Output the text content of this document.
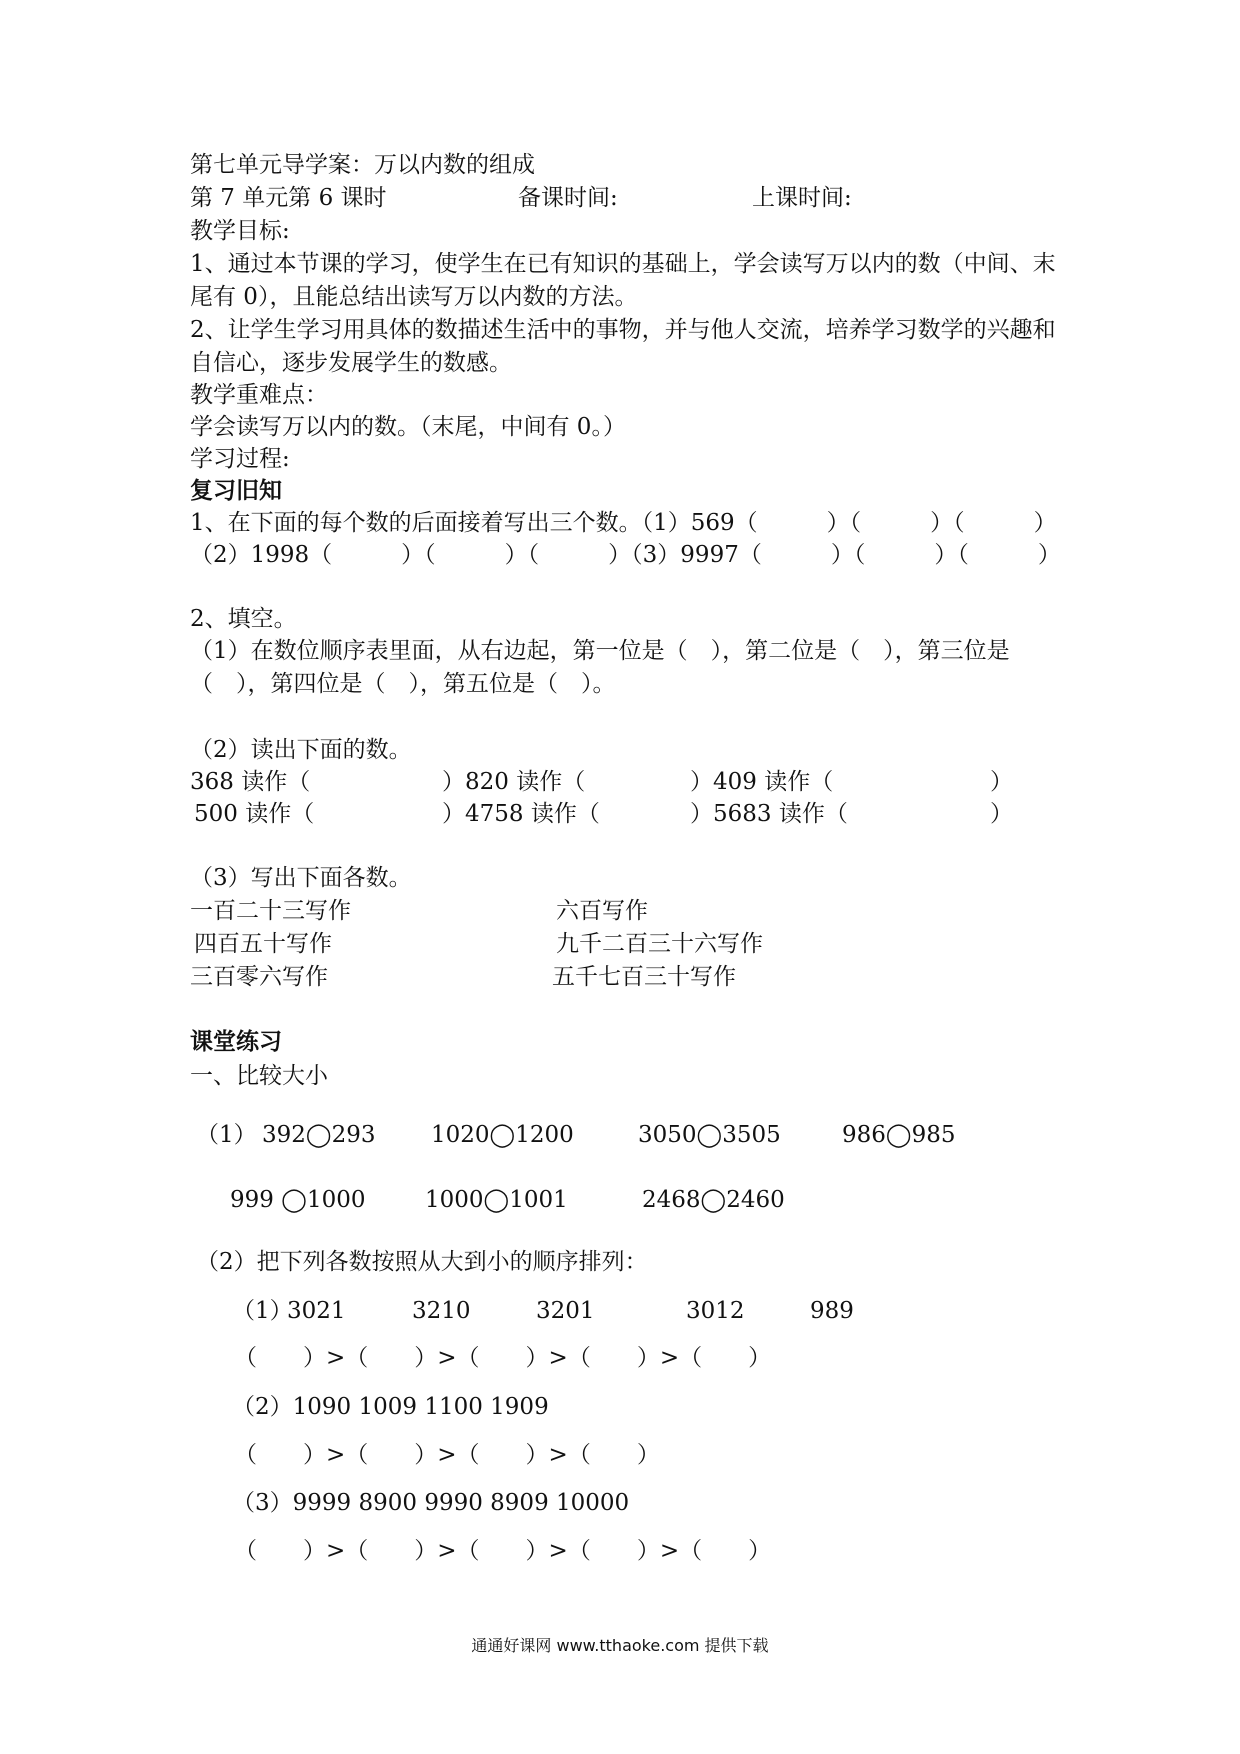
第七单元导学案：万以内数的组成
第 7 单元第 6 课时	备课时间:	上课时间:
教学目标:
1、通过本节课的学习，使学生在已有知识的基础上，学会读写万以内的数（中间、末尾有 0），且能总结出读写万以内数的方法。
2、让学生学习用具体的数描述生活中的事物，并与他人交流，培养学习数学的兴趣和自信心，逐步发展学生的数感。
教学重难点：
学会读写万以内的数。（末尾，中间有 0。）
学习过程:
复习旧知
1、在下面的每个数的后面接着写出三个数。（1）569（　　　）（　　　）（　　　）
（2）1998（　　　）（　　　）（　　　）（3）9997（　　　）（　　　）（　　　）
2、填空。
（1）在数位顺序表里面，从右边起，第一位是（　），第二位是（　），第三位是（　），第四位是（　），第五位是（　）。
（2）读出下面的数。
368 读作（	）820 读作（	）409 读作（	）
500 读作（	）4758 读作（	）5683 读作（	）
（3）写出下面各数。
一百二十三写作	六百写作
四百五十写作	九千二百三十六写作
三百零六写作	五千七百三十写作
课堂练习
一、比较大小
（1） 392◯293 1020◯1200	3050◯3505	986◯985
999 ◯1000	1000◯1001	2468◯2460
（2）把下列各数按照从大到小的顺序排列：
（1）
3021	3210	3201	3012	989
（　　）>（　　）>（　　）>（　　）>（　　）
（2）1090 1009 1100 1909
（　　）>（　　）>（　　）>（　　）
（3）9999 8900 9990 8909 10000
（　　）>（　　）>（　　）>（　　）>（　　）
通通好课网 www.tthaoke.com 提供下载
